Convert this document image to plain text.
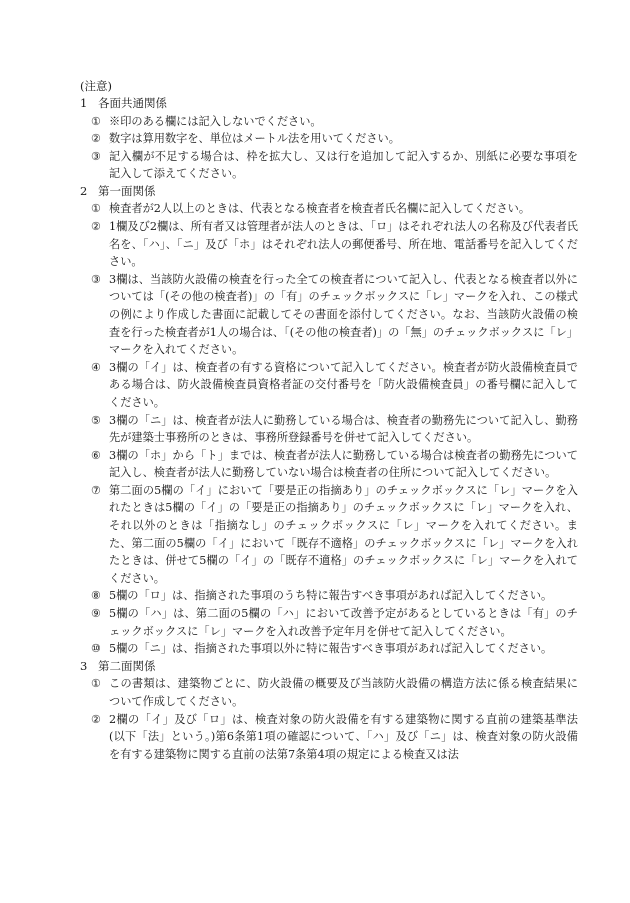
(注意)
1 各面共通関係
① ※印のある欄には記入しないでください。
② 数字は算用数字を、単位はメートル法を用いてください。
③ 記入欄が不足する場合は、枠を拡大し、又は行を追加して記入するか、別紙に必要な事項を記入して添えてください。
2 第一面関係
① 検査者が2人以上のときは、代表となる検査者を検査者氏名欄に記入してください。
② 1欄及び2欄は、所有者又は管理者が法人のときは、「ロ」はそれぞれ法人の名称及び代表者氏名を、「ハ」、「ニ」及び「ホ」はそれぞれ法人の郵便番号、所在地、電話番号を記入してください。
③ 3欄は、当該防火設備の検査を行った全ての検査者について記入し、代表となる検査者以外については「(その他の検査者)」の「有」のチェックボックスに「レ」マークを入れ、この様式の例により作成した書面に記載してその書面を添付してください。なお、当該防火設備の検査を行った検査者が1人の場合は、「(その他の検査者)」の「無」のチェックボックスに「レ」マークを入れてください。
④ 3欄の「イ」は、検査者の有する資格について記入してください。検査者が防火設備検査員である場合は、防火設備検査員資格者証の交付番号を「防火設備検査員」の番号欄に記入してください。
⑤ 3欄の「ニ」は、検査者が法人に勤務している場合は、検査者の勤務先について記入し、勤務先が建築士事務所のときは、事務所登録番号を併せて記入してください。
⑥ 3欄の「ホ」から「ト」までは、検査者が法人に勤務している場合は検査者の勤務先について記入し、検査者が法人に勤務していない場合は検査者の住所について記入してください。
⑦ 第二面の5欄の「イ」において「要是正の指摘あり」のチェックボックスに「レ」マークを入れたときは5欄の「イ」の「要是正の指摘あり」のチェックボックスに「レ」マークを入れ、それ以外のときは「指摘なし」のチェックボックスに「レ」マークを入れてください。また、第二面の5欄の「イ」において「既存不適格」のチェックボックスに「レ」マークを入れたときは、併せて5欄の「イ」の「既存不適格」のチェックボックスに「レ」マークを入れてください。
⑧ 5欄の「ロ」は、指摘された事項のうち特に報告すべき事項があれば記入してください。
⑨ 5欄の「ハ」は、第二面の5欄の「ハ」において改善予定があるとしているときは「有」のチェックボックスに「レ」マークを入れ改善予定年月を併せて記入してください。
⑩ 5欄の「ニ」は、指摘された事項以外に特に報告すべき事項があれば記入してください。
3 第二面関係
① この書類は、建築物ごとに、防火設備の概要及び当該防火設備の構造方法に係る検査結果について作成してください。
② 2欄の「イ」及び「ロ」は、検査対象の防火設備を有する建築物に関する直前の建築基準法(以下「法」という。)第6条第1項の確認について、「ハ」及び「ニ」は、検査対象の防火設備を有する建築物に関する直前の法第7条第4項の規定による検査又は法
